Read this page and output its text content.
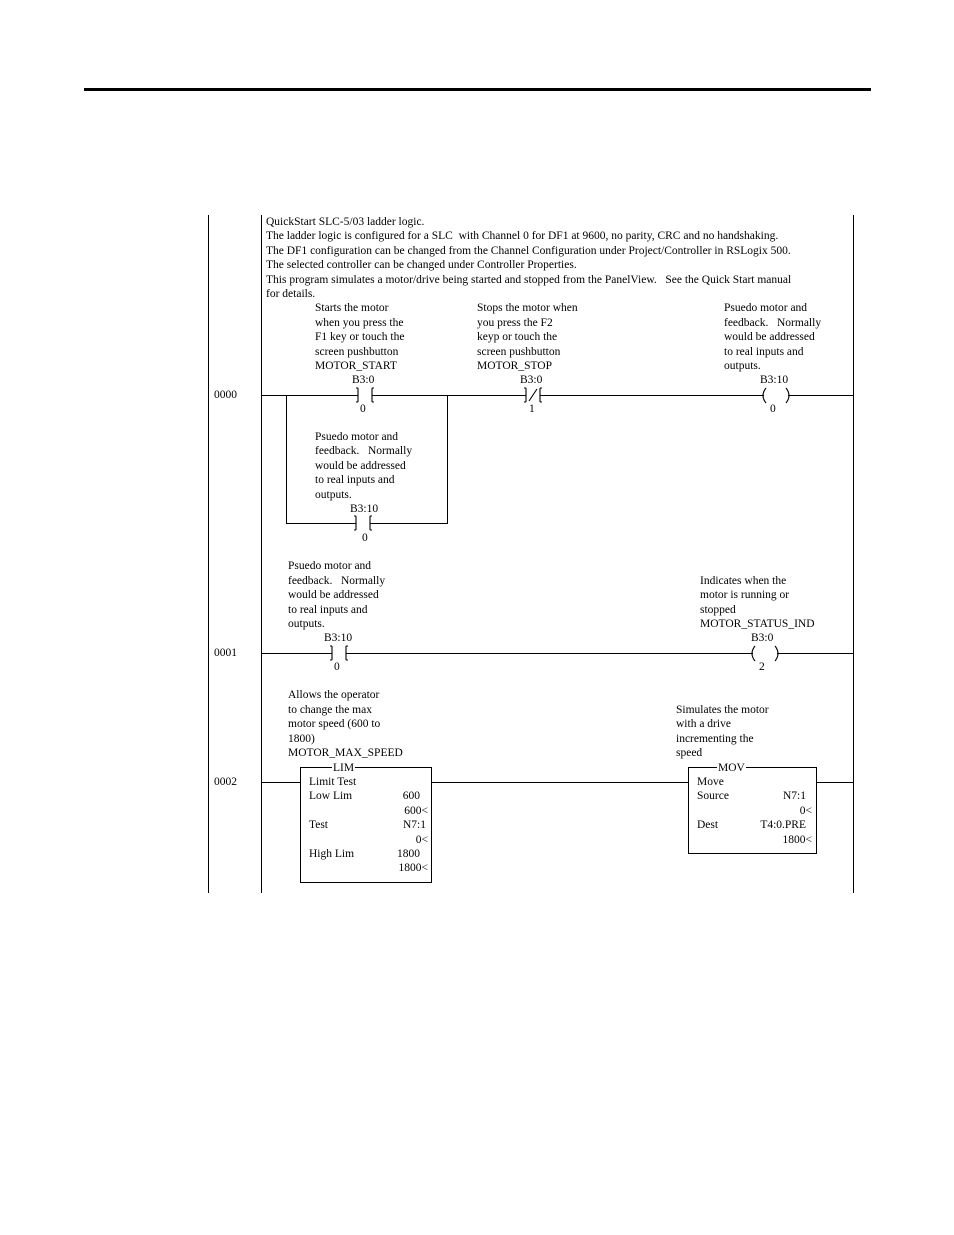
QuickStart SLC-5/03 ladder logic.
The ladder logic is configured for a SLC  with Channel 0 for DF1 at 9600, no parity, CRC and no handshaking.
The DF1 configuration can be changed from the Channel Configuration under Project/Controller in RSLogix 500.
The selected controller can be changed under Controller Properties.
This program simulates a motor/drive being started and stopped from the PanelView.   See the Quick Start manual
for details.
0000
Starts the motor
when you press the
F1 key or touch the
screen pushbutton
MOTOR_START
B3:0
0
Stops the motor when
you press the F2
keyp or touch the
screen pushbutton
MOTOR_STOP
B3:0
1
Psuedo motor and
feedback.   Normally
would be addressed
to real inputs and
outputs.
B3:10
0
Psuedo motor and
feedback.   Normally
would be addressed
to real inputs and
outputs.
B3:10
0
0001
Psuedo motor and
feedback.   Normally
would be addressed
to real inputs and
outputs.
B3:10
0
Indicates when the
motor is running or
stopped
MOTOR_STATUS_IND
B3:0
2
0002
Allows the operator
to change the max
motor speed (600 to
1800)
MOTOR_MAX_SPEED
LIM
Limit Test
Low Lim	600
600<
Test	N7:1
0<
High Lim	1800
1800<
Simulates the motor
with a drive
incrementing the
speed
MOV
Move
Source	N7:1
0<
Dest	T4:0.PRE
1800<
